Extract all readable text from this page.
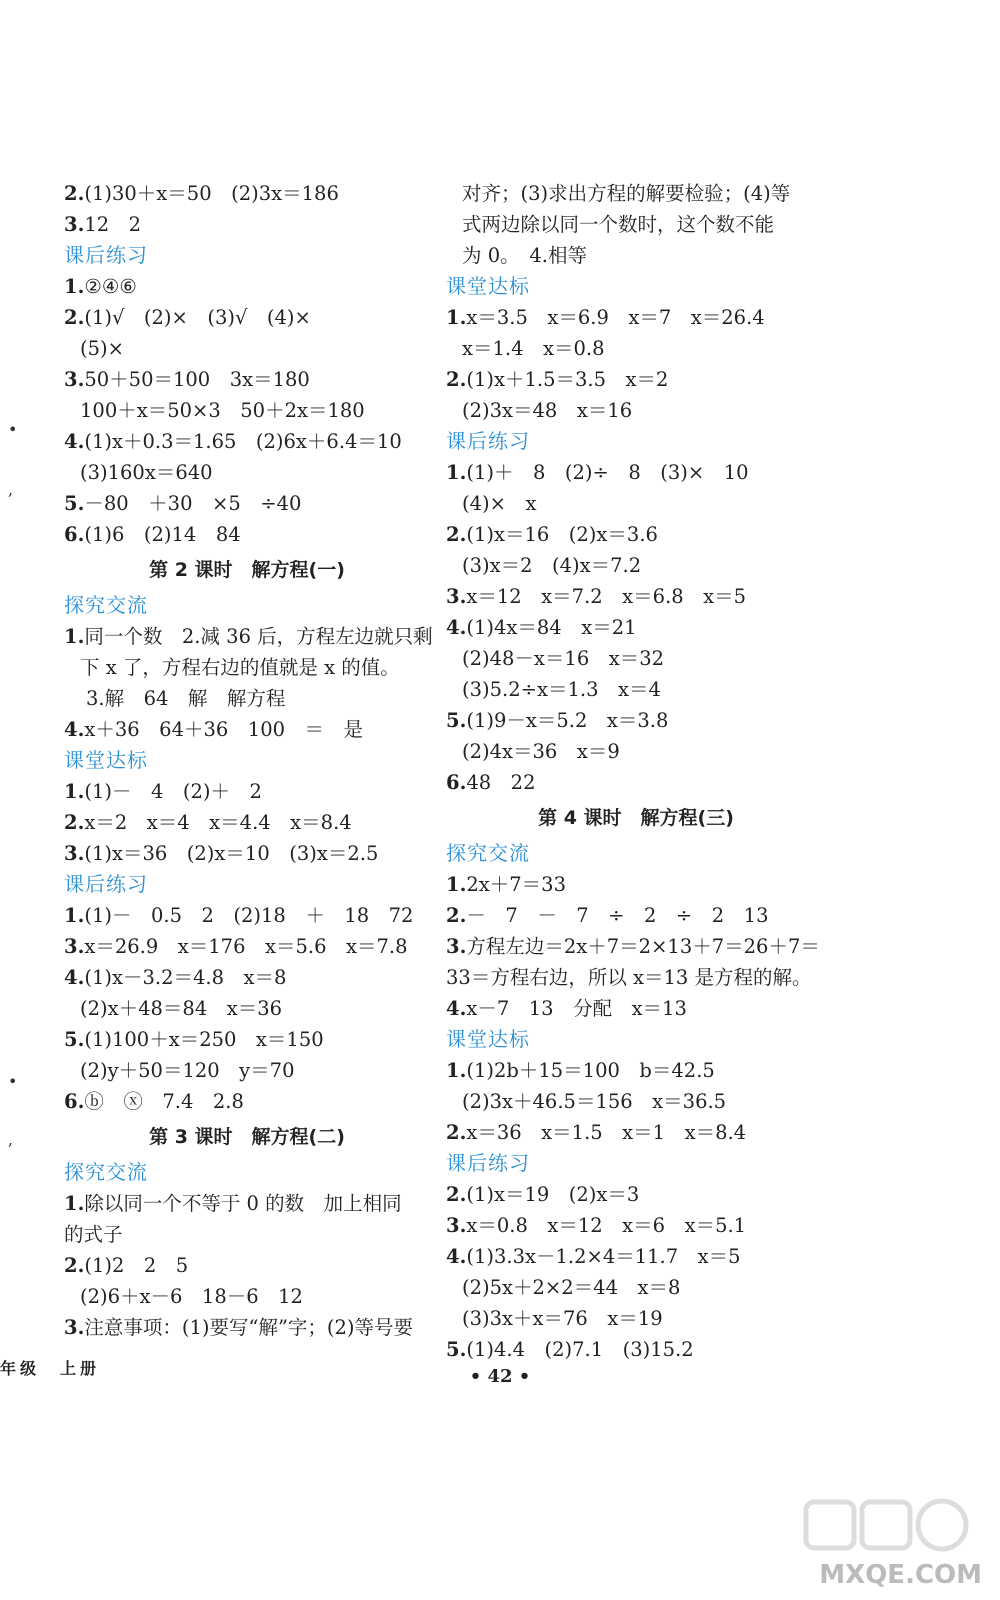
2.(1)30＋x＝50　(2)3x＝186
3.12　2
课后练习
1.②④⑥
2.(1)√　(2)×　(3)√　(4)×
(5)×
3.50＋50＝100　3x＝180
100＋x＝50×3　50＋2x＝180
4.(1)x＋0.3＝1.65　(2)6x＋6.4＝10
(3)160x＝640
5.－80　＋30　×5　÷40
6.(1)6　(2)14　84
第 2 课时　解方程(一)
探究交流
1.同一个数　2.减 36 后，方程左边就只剩
下 x 了，方程右边的值就是 x 的值。
3.解　64　解　解方程
4.x＋36　64＋36　100　＝　是
课堂达标
1.(1)－　4　(2)＋　2
2.x＝2　x＝4　x＝4.4　x＝8.4
3.(1)x＝36　(2)x＝10　(3)x＝2.5
课后练习
1.(1)－　0.5　2　(2)18　＋　18　72
3.x＝26.9　x＝176　x＝5.6　x＝7.8
4.(1)x－3.2＝4.8　x＝8
(2)x＋48＝84　x＝36
5.(1)100＋x＝250　x＝150
(2)y＋50＝120　y＝70
6.ⓑ　ⓧ　7.4　2.8
第 3 课时　解方程(二)
探究交流
1.除以同一个不等于 0 的数　加上相同
的式子
2.(1)2　2　5
(2)6＋x－6　18－6　12
3.注意事项：(1)要写“解”字；(2)等号要
对齐；(3)求出方程的解要检验；(4)等
式两边除以同一个数时，这个数不能
为 0。　4.相等
课堂达标
1.x＝3.5　x＝6.9　x＝7　x＝26.4
x＝1.4　x＝0.8
2.(1)x＋1.5＝3.5　x＝2
(2)3x＝48　x＝16
课后练习
1.(1)＋　8　(2)÷　8　(3)×　10
(4)×　x
2.(1)x＝16　(2)x＝3.6
(3)x＝2　(4)x＝7.2
3.x＝12　x＝7.2　x＝6.8　x＝5
4.(1)4x＝84　x＝21
(2)48－x＝16　x＝32
(3)5.2÷x＝1.3　x＝4
5.(1)9－x＝5.2　x＝3.8
(2)4x＝36　x＝9
6.48　22
第 4 课时　解方程(三)
探究交流
1.2x＋7＝33
2.－　7　－　7　÷　2　÷　2　13
3.方程左边＝2x＋7＝2×13＋7＝26＋7＝
33＝方程右边，所以 x＝13 是方程的解。
4.x－7　13　分配　x＝13
课堂达标
1.(1)2b＋15＝100　b＝42.5
(2)3x＋46.5＝156　x＝36.5
2.x＝36　x＝1.5　x＝1　x＝8.4
课后练习
2.(1)x＝19　(2)x＝3
3.x＝0.8　x＝12　x＝6　x＝5.1
4.(1)3.3x－1.2×4＝11.7　x＝5
(2)5x＋2×2＝44　x＝8
(3)3x＋x＝76　x＝19
5.(1)4.4　(2)7.1　(3)15.2
•
,
•
,
年级　上册	• 42 •
MXQE.COM
